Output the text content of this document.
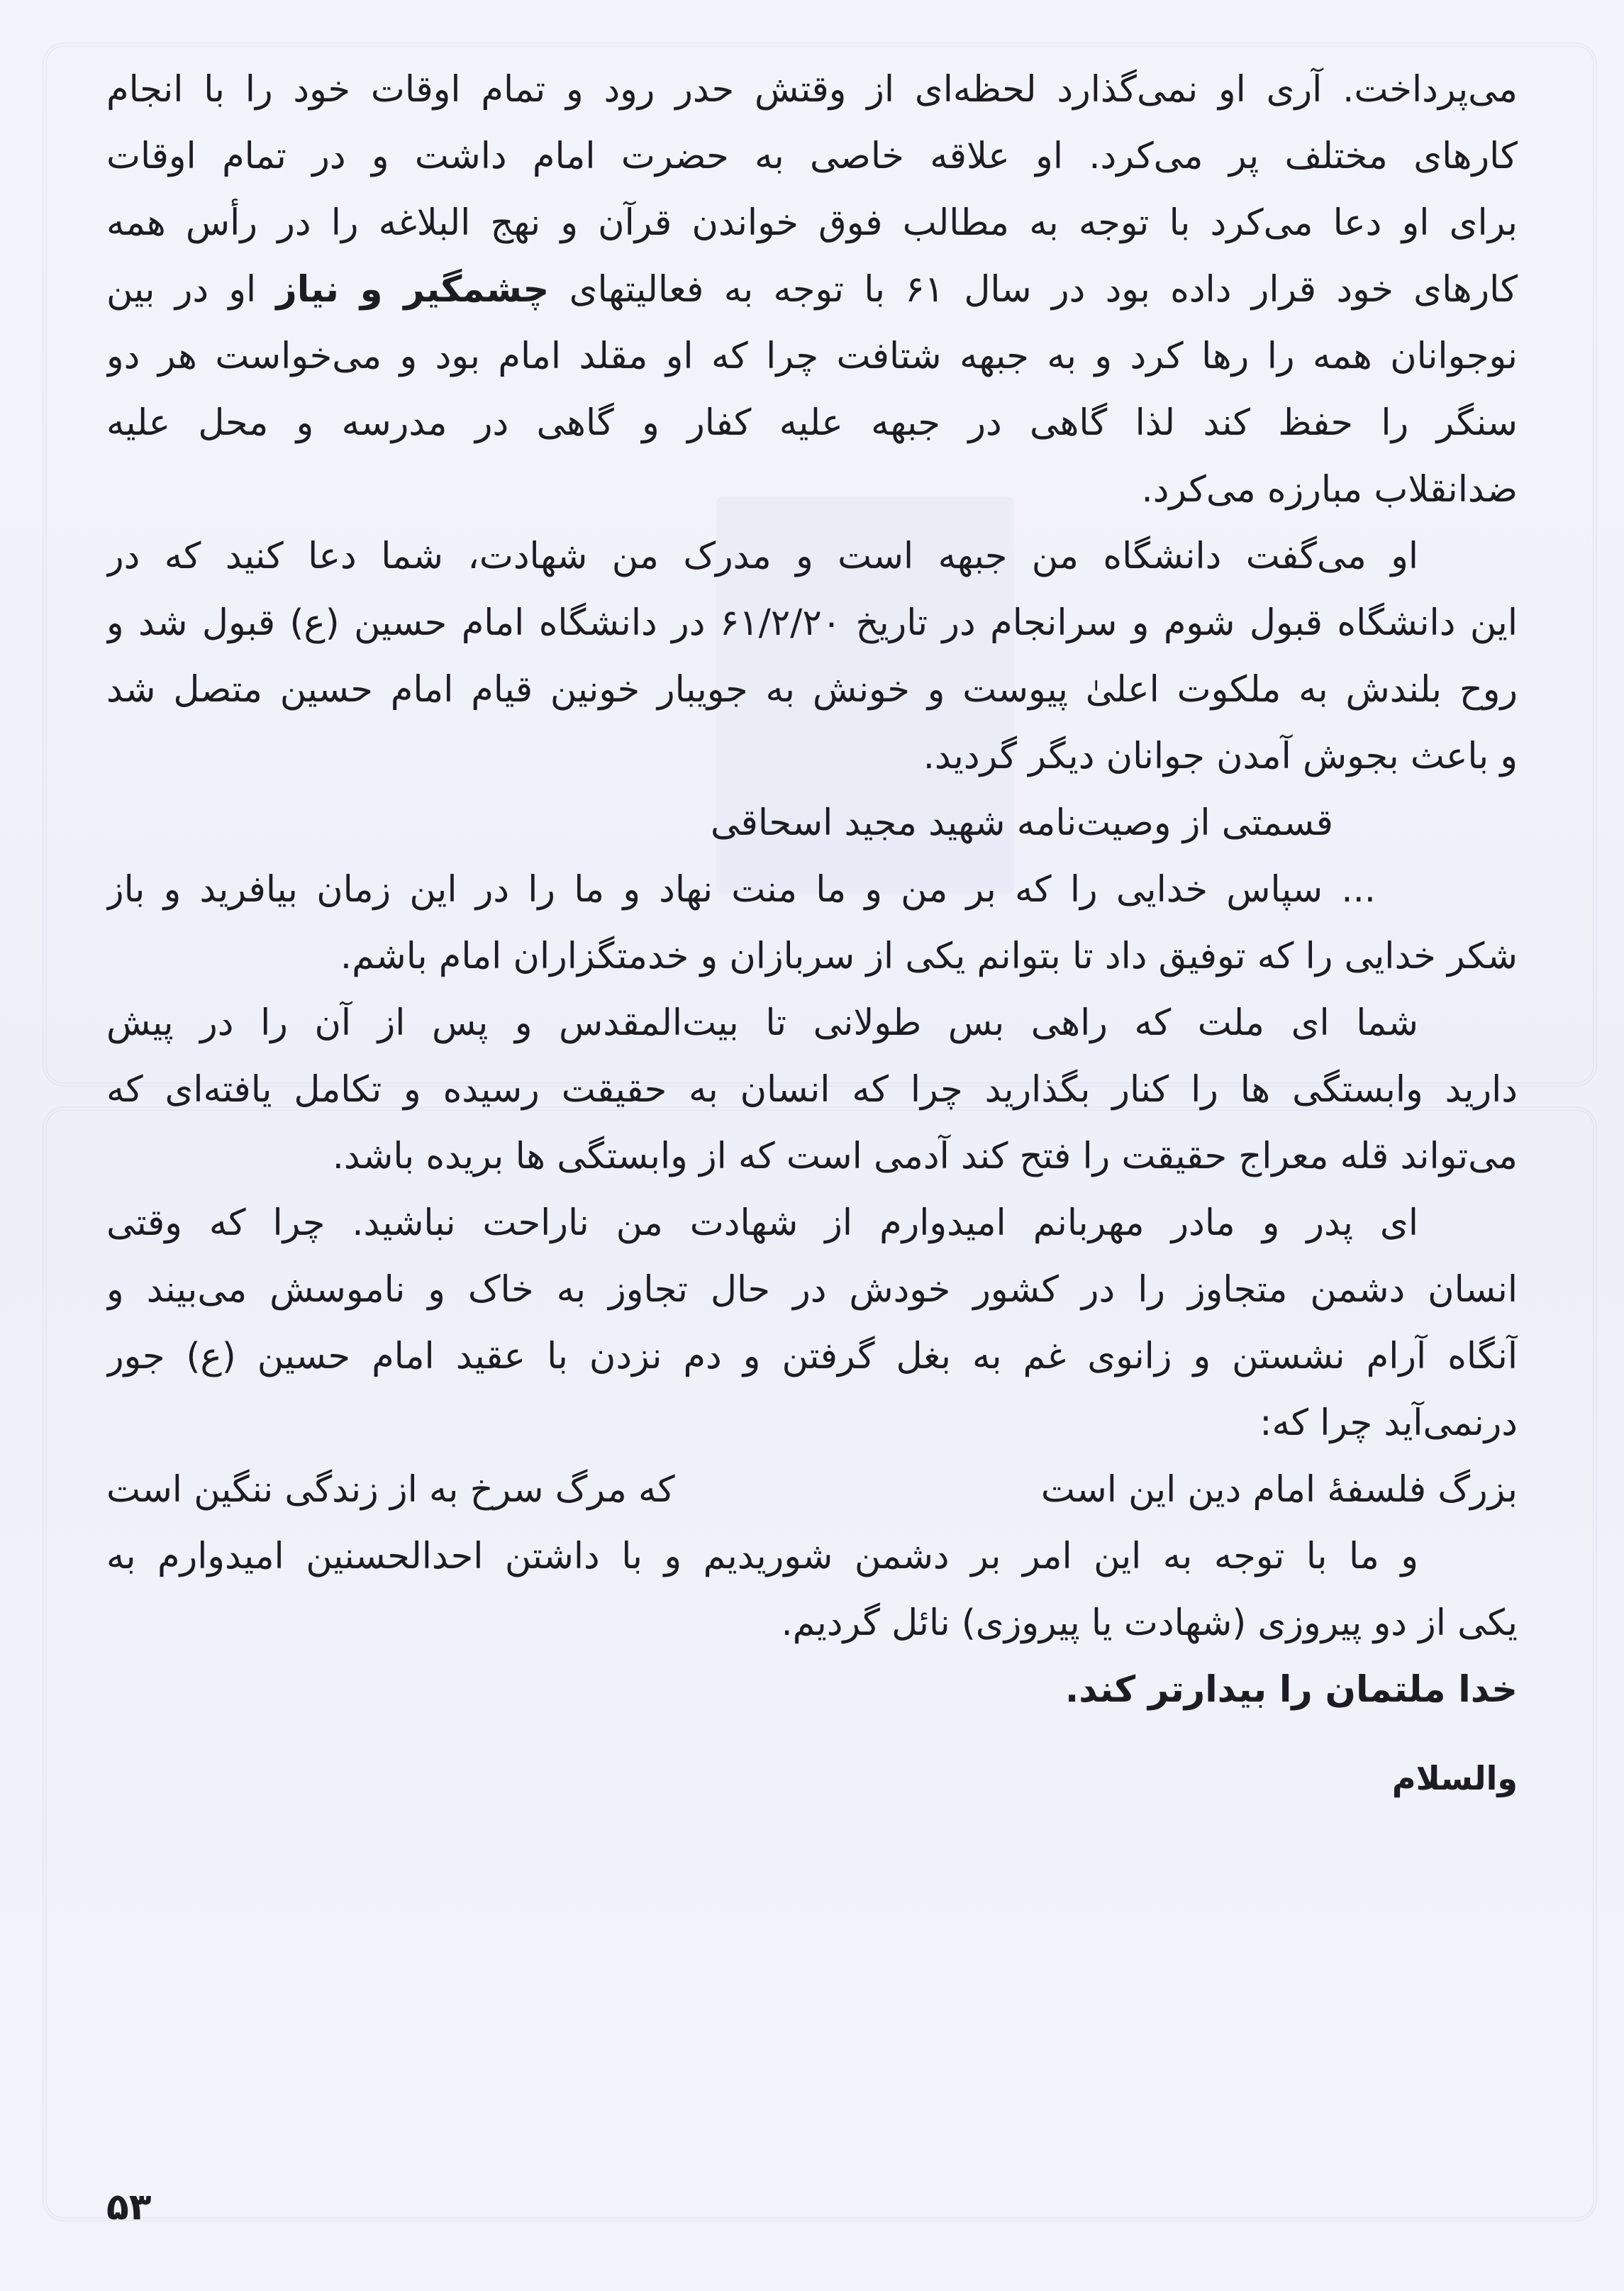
می‌پرداخت. آری او نمی‌گذارد لحظه‌ای از وقتش حدر رود و تمام اوقات خود را با انجام
کارهای مختلف پر می‌کرد. او علاقه خاصی به حضرت امام داشت و در تمام اوقات
برای او دعا می‌کرد با توجه به مطالب فوق خواندن قرآن و نهج البلاغه را در رأس همه
کارهای خود قرار داده بود در سال ۶۱ با توجه به فعالیتهای چشمگیر و نیاز او در بین
نوجوانان همه را رها کرد و به جبهه شتافت چرا که او مقلد امام بود و می‌خواست هر دو
سنگر را حفظ کند لذا گاهی در جبهه علیه کفار و گاهی در مدرسه و محل علیه
ضدانقلاب مبارزه می‌کرد.
او می‌گفت دانشگاه من جبهه است و مدرک من شهادت، شما دعا کنید که در
این دانشگاه قبول شوم و سرانجام در تاریخ ۶۱/۲/۲۰ در دانشگاه امام حسین (ع) قبول شد و
روح بلندش به ملکوت اعلیٰ پیوست و خونش به جویبار خونین قیام امام حسین متصل شد
و باعث بجوش آمدن جوانان دیگر گردید.
قسمتی از وصیت‌نامه شهید مجید اسحاقی
... سپاس خدایی را که بر من و ما منت نهاد و ما را در این زمان بیافرید و باز
شکر خدایی را که توفیق داد تا بتوانم یکی از سربازان و خدمتگزاران امام باشم.
شما ای ملت که راهی بس طولانی تا بیت‌المقدس و پس از آن را در پیش
دارید وابستگی ها را کنار بگذارید چرا که انسان به حقیقت رسیده و تکامل یافته‌ای که
می‌تواند قله معراج حقیقت را فتح کند آدمی است که از وابستگی ها بریده باشد.
ای پدر و مادر مهربانم امیدوارم از شهادت من ناراحت نباشید. چرا که وقتی
انسان دشمن متجاوز را در کشور خودش در حال تجاوز به خاک و ناموسش می‌بیند و
آنگاه آرام نشستن و زانوی غم به بغل گرفتن و دم نزدن با عقید امام حسین (ع) جور
درنمی‌آید چرا که:
بزرگ فلسفهٔ امام دین این است
که مرگ سرخ به از زندگی ننگین است
و ما با توجه به این امر بر دشمن شوریدیم و با داشتن احدالحسنین امیدوارم به
یکی از دو پیروزی (شهادت یا پیروزی) نائل گردیم.
خدا ملتمان را بیدارتر کند.
والسلام
۵۳
